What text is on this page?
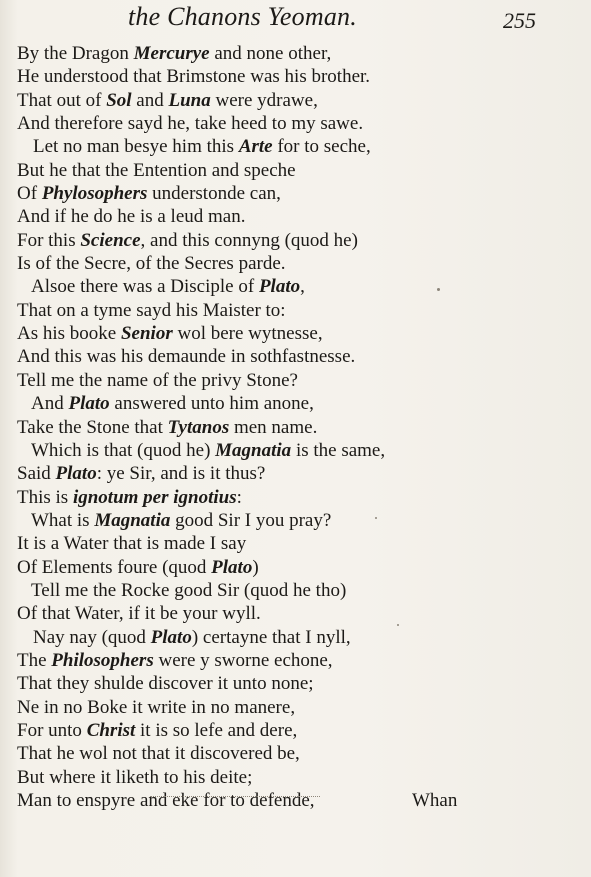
the Chanons Yeoman.	255
By the Dragon Mercurye and none other,
He understood that Brimstone was his brother.
That out of Sol and Luna were ydrawe,
And therefore sayd he, take heed to my sawe.
Let no man besye him this Arte for to seche,
But he that the Entention and speche
Of Phylosophers understonde can,
And if he do he is a leud man.
For this Science, and this connyng (quod he)
Is of the Secre, of the Secres parde.
Alsoe there was a Disciple of Plato,
That on a tyme sayd his Maister to:
As his booke Senior wol bere wytnesse,
And this was his demaunde in sothfastnesse.
Tell me the name of the privy Stone?
And Plato answered unto him anone,
Take the Stone that Tytanos men name.
Which is that (quod he) Magnatia is the same,
Said Plato: ye Sir, and is it thus?
This is ignotum per ignotius:
What is Magnatia good Sir I you pray?
It is a Water that is made I say
Of Elements foure (quod Plato)
Tell me the Rocke good Sir (quod he tho)
Of that Water, if it be your wyll.
Nay nay (quod Plato) certayne that I nyll,
The Philosophers were y sworne echone,
That they shulde discover it unto none;
Ne in no Boke it write in no manere,
For unto Christ it is so lefe and dere,
That he wol not that it discovered be,
But where it liketh to his deite;
Man to enspyre and eke for to defende,	Whan
